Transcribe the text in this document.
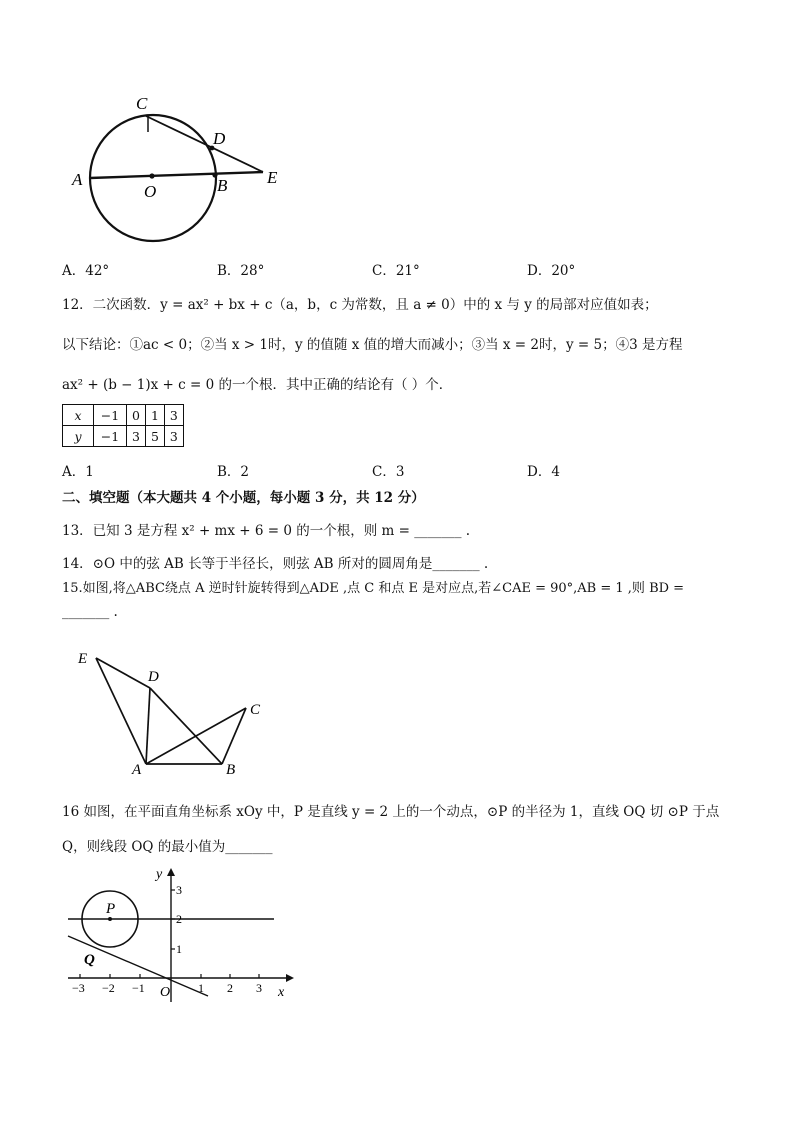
C
D
A
O	B E
A．42°	B．28°	C．21°	D．20°
12．二次函数．y = ax² + bx + c（a，b，c 为常数，且 a ≠ 0）中的 x 与 y 的局部对应值如表；
以下结论：①ac < 0；②当 x > 1时，y 的值随 x 值的增大而减小；③当 x = 2时，y = 5；④3 是方程
ax² + (b − 1)x + c = 0 的一个根．其中正确的结论有（ ）个．
x	−1	0	1	3
y	−1	3	5	3
A．1	B．2	C．3	D．4
二、填空题（本大题共 4 个小题，每小题 3 分，共 12 分）
13．已知 3 是方程 x² + mx + 6 = 0 的一个根，则 m = _______ .
14．⊙O 中的弦 AB 长等于半径长，则弦 AB 所对的圆周角是_______ .
15.如图,将△ABC绕点 A 逆时针旋转得到△ADE ,点 C 和点 E 是对应点,若∠CAE = 90°,AB = 1 ,则 BD =
_______ .
E
D
C
A	B
16 如图，在平面直角坐标系 xOy 中，P 是直线 y = 2 上的一个动点，⊙P 的半径为 1，直线 OQ 切 ⊙P 于点
Q，则线段 OQ 的最小值为_______
y
x
P
Q
O
−3 −2 −1	1 2 3
3
2
1
